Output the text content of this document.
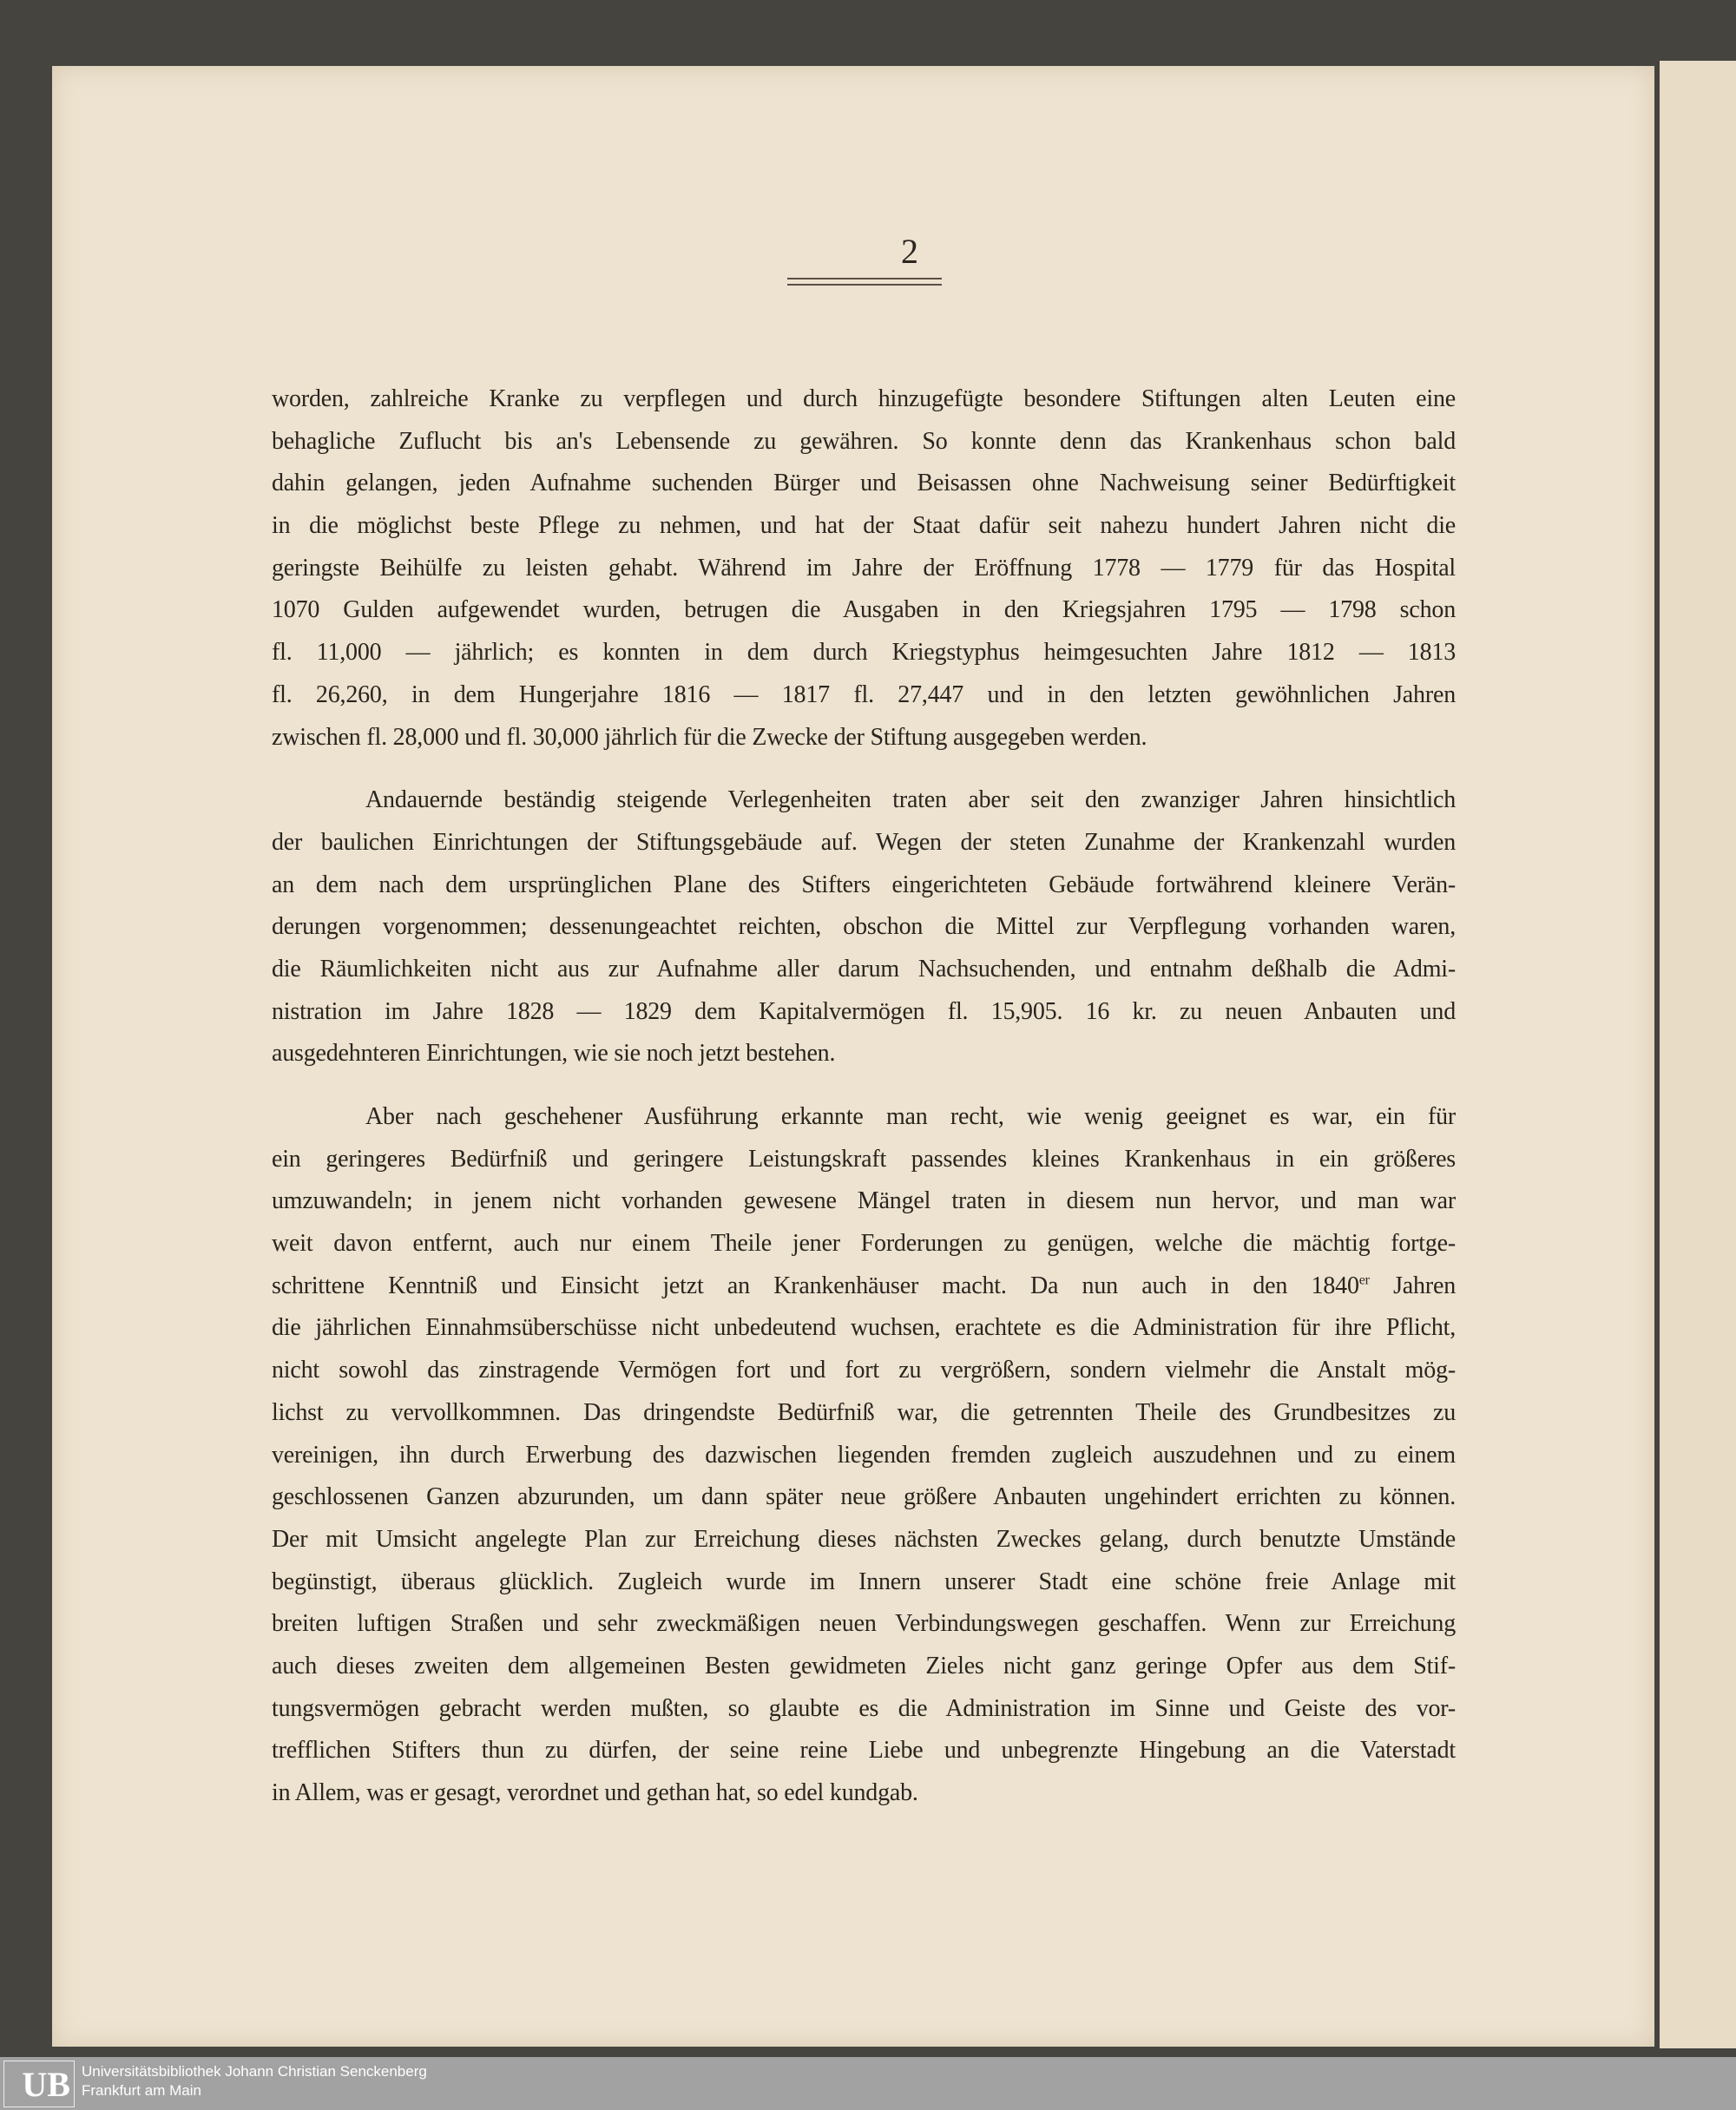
2
worden, zahlreiche Kranke zu verpflegen und durch hinzugefügte besondere Stiftungen alten Leuten eine
behagliche Zuflucht bis an's Lebensende zu gewähren. So konnte denn das Krankenhaus schon bald
dahin gelangen, jeden Aufnahme suchenden Bürger und Beisassen ohne Nachweisung seiner Bedürftigkeit
in die möglichst beste Pflege zu nehmen, und hat der Staat dafür seit nahezu hundert Jahren nicht die
geringste Beihülfe zu leisten gehabt. Während im Jahre der Eröffnung 1778 — 1779 für das Hospital
1070 Gulden aufgewendet wurden, betrugen die Ausgaben in den Kriegsjahren 1795 — 1798 schon
fl. 11,000 — jährlich; es konnten in dem durch Kriegstyphus heimgesuchten Jahre 1812 — 1813
fl. 26,260, in dem Hungerjahre 1816 — 1817 fl. 27,447 und in den letzten gewöhnlichen Jahren
zwischen fl. 28,000 und fl. 30,000 jährlich für die Zwecke der Stiftung ausgegeben werden.
Andauernde beständig steigende Verlegenheiten traten aber seit den zwanziger Jahren hinsichtlich
der baulichen Einrichtungen der Stiftungsgebäude auf. Wegen der steten Zunahme der Krankenzahl wurden
an dem nach dem ursprünglichen Plane des Stifters eingerichteten Gebäude fortwährend kleinere Verän-
derungen vorgenommen; dessenungeachtet reichten, obschon die Mittel zur Verpflegung vorhanden waren,
die Räumlichkeiten nicht aus zur Aufnahme aller darum Nachsuchenden, und entnahm deßhalb die Admi-
nistration im Jahre 1828 — 1829 dem Kapitalvermögen fl. 15,905. 16 kr. zu neuen Anbauten und
ausgedehnteren Einrichtungen, wie sie noch jetzt bestehen.
Aber nach geschehener Ausführung erkannte man recht, wie wenig geeignet es war, ein für
ein geringeres Bedürfniß und geringere Leistungskraft passendes kleines Krankenhaus in ein größeres
umzuwandeln; in jenem nicht vorhanden gewesene Mängel traten in diesem nun hervor, und man war
weit davon entfernt, auch nur einem Theile jener Forderungen zu genügen, welche die mächtig fortge-
schrittene Kenntniß und Einsicht jetzt an Krankenhäuser macht. Da nun auch in den 1840er Jahren
die jährlichen Einnahmsüberschüsse nicht unbedeutend wuchsen, erachtete es die Administration für ihre Pflicht,
nicht sowohl das zinstragende Vermögen fort und fort zu vergrößern, sondern vielmehr die Anstalt mög-
lichst zu vervollkommnen. Das dringendste Bedürfniß war, die getrennten Theile des Grundbesitzes zu
vereinigen, ihn durch Erwerbung des dazwischen liegenden fremden zugleich auszudehnen und zu einem
geschlossenen Ganzen abzurunden, um dann später neue größere Anbauten ungehindert errichten zu können.
Der mit Umsicht angelegte Plan zur Erreichung dieses nächsten Zweckes gelang, durch benutzte Umstände
begünstigt, überaus glücklich. Zugleich wurde im Innern unserer Stadt eine schöne freie Anlage mit
breiten luftigen Straßen und sehr zweckmäßigen neuen Verbindungswegen geschaffen. Wenn zur Erreichung
auch dieses zweiten dem allgemeinen Besten gewidmeten Zieles nicht ganz geringe Opfer aus dem Stif-
tungsvermögen gebracht werden mußten, so glaubte es die Administration im Sinne und Geiste des vor-
trefflichen Stifters thun zu dürfen, der seine reine Liebe und unbegrenzte Hingebung an die Vaterstadt
in Allem, was er gesagt, verordnet und gethan hat, so edel kundgab.
UB Universitätsbibliothek Johann Christian Senckenberg
Frankfurt am Main
